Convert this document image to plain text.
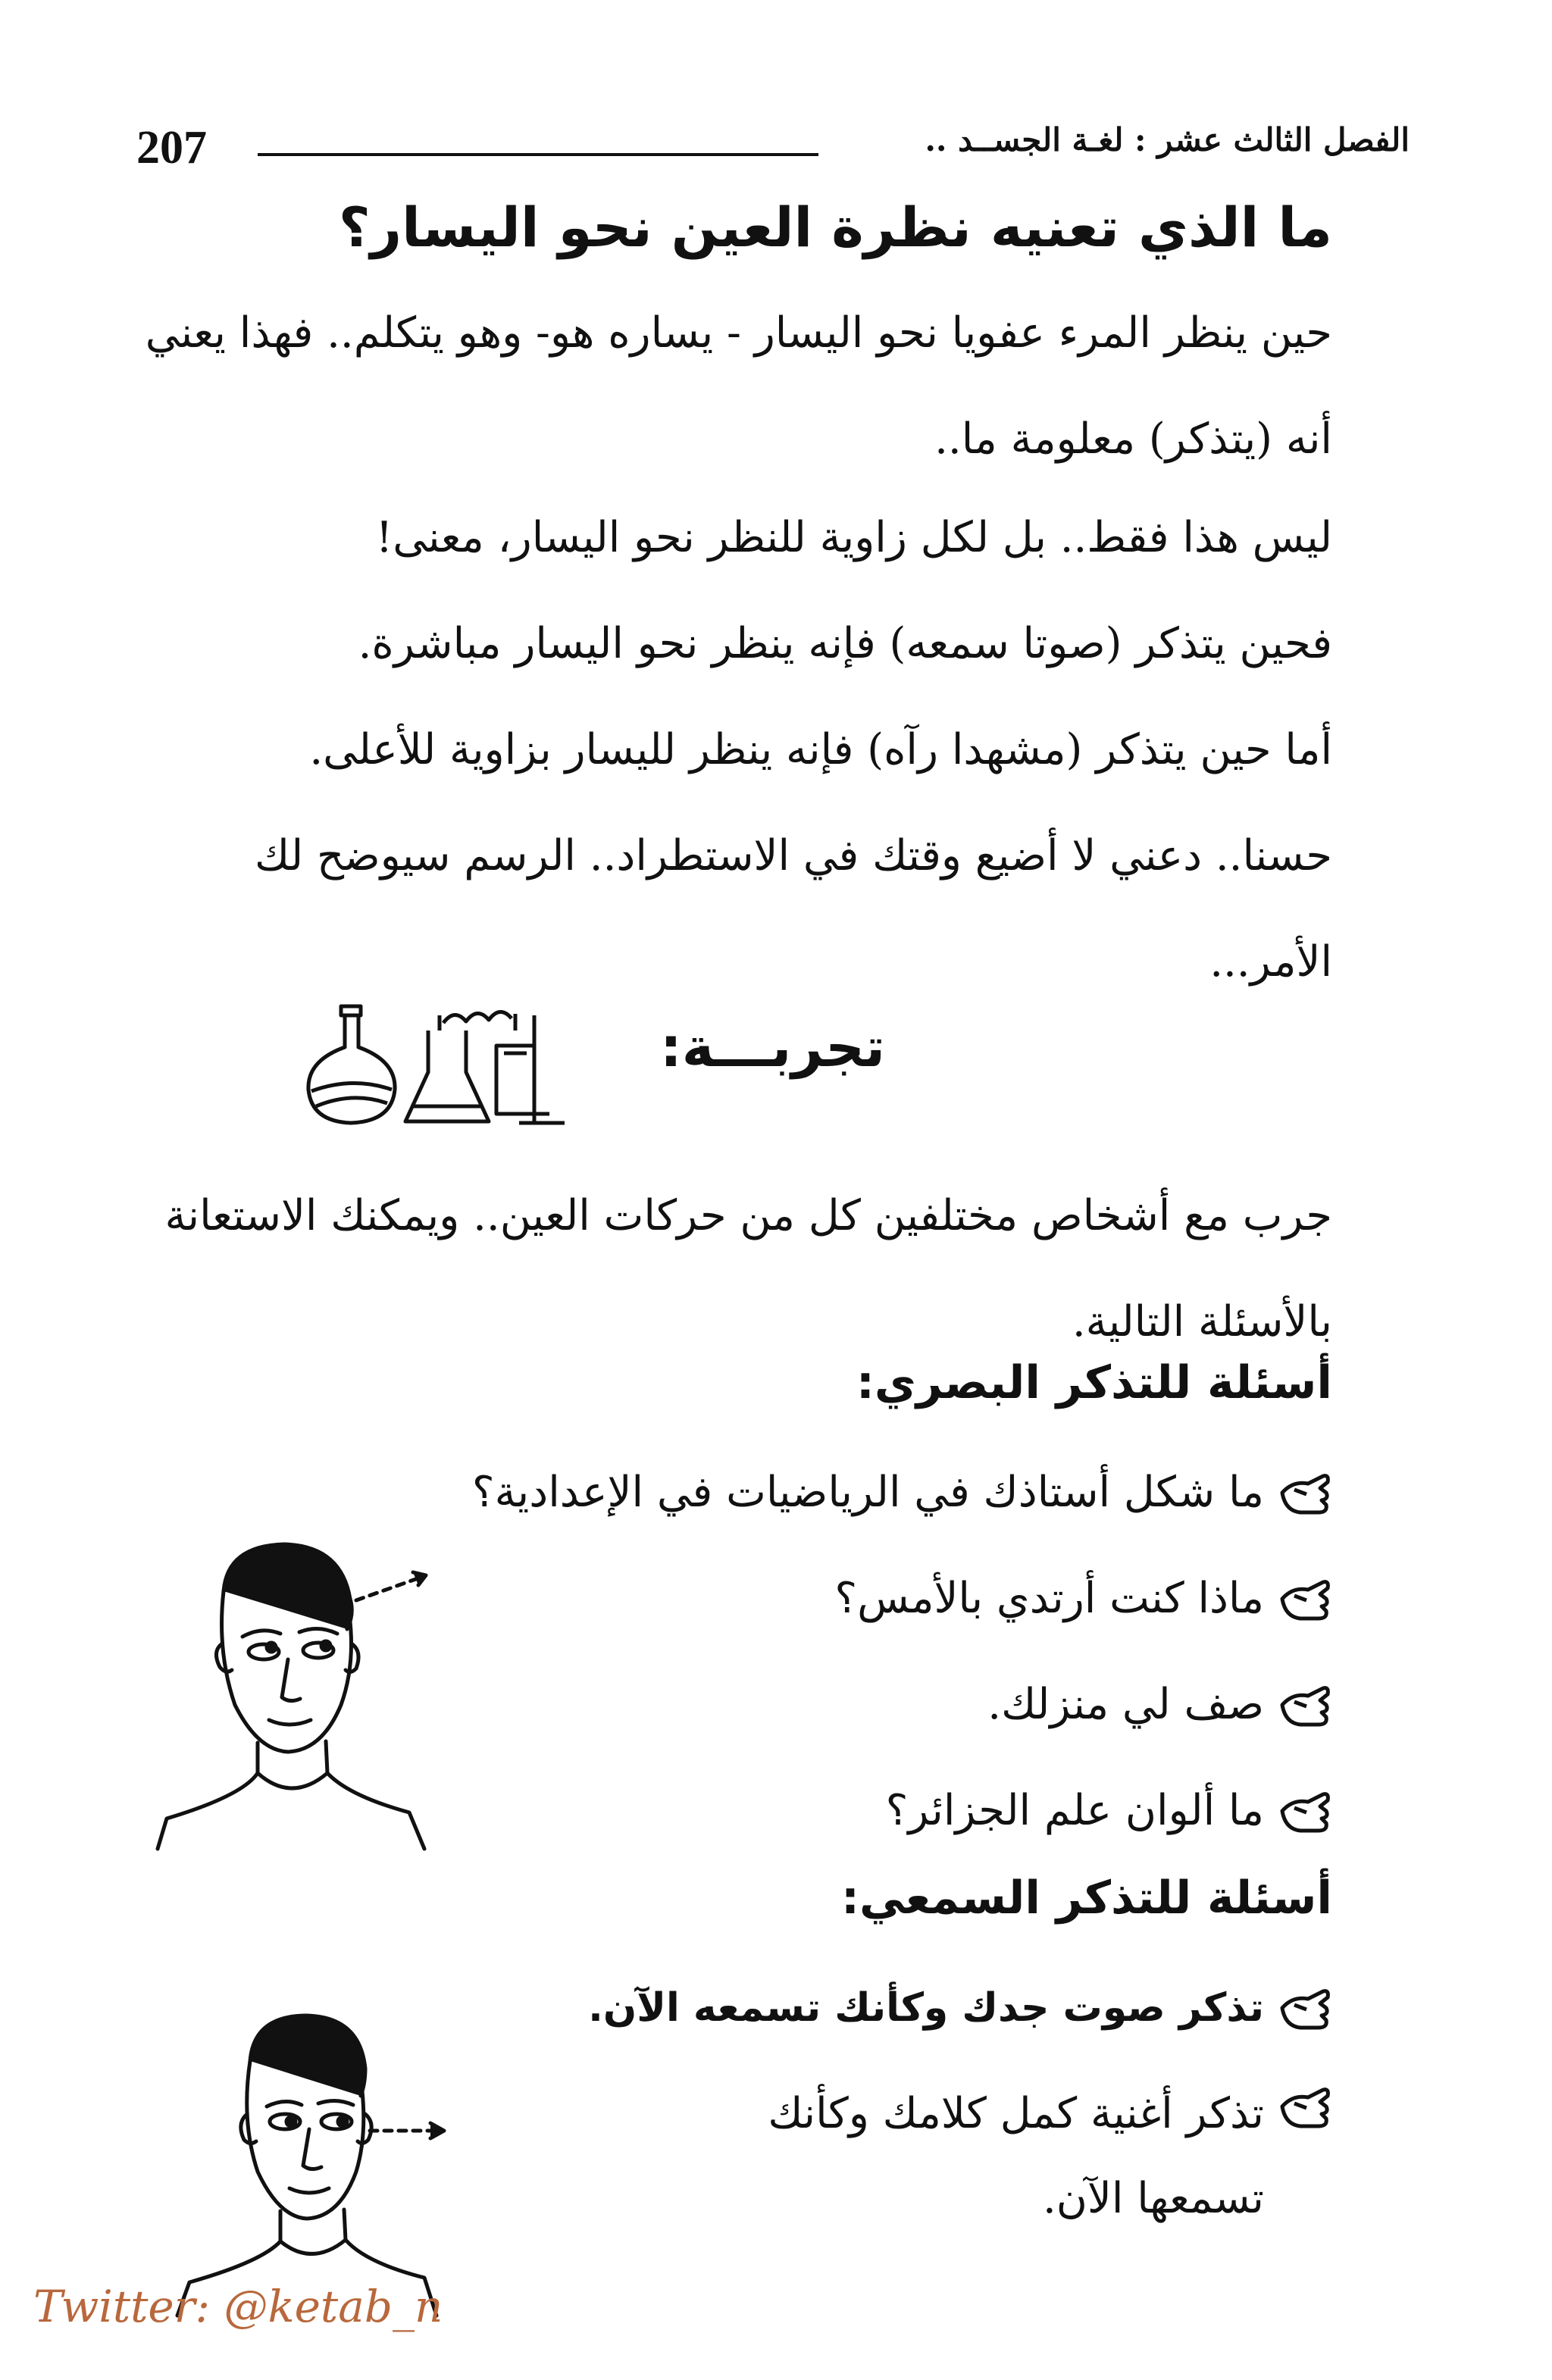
207	الفصل الثالث عشر : لغـة الجســد ..
ما الذي تعنيه نظرة العين نحو اليسار؟

حين ينظر المرء عفويا نحو اليسار - يساره هو- وهو يتكلم.. فهذا يعني أنه (يتذكر) معلومة ما..

ليس هذا فقط.. بل لكل زاوية للنظر نحو اليسار، معنى!

فحين يتذكر (صوتا سمعه) فإنه ينظر نحو اليسار مباشرة.

أما حين يتذكر (مشهدا رآه) فإنه ينظر لليسار بزاوية للأعلى.

حسنا.. دعني لا أضيع وقتك في الاستطراد.. الرسم سيوضح لك الأمر...

تجربـــة:

جرب مع أشخاص مختلفين كل من حركات العين.. ويمكنك الاستعانة بالأسئلة التالية.

أسئلة للتذكر البصري:
ما شكل أستاذك في الرياضيات في الإعدادية؟
ماذا كنت أرتدي بالأمس؟
صف لي منزلك.
ما ألوان علم الجزائر؟
أسئلة للتذكر السمعي:
تذكر صوت جدك وكأنك تسمعه الآن.
تذكر أغنية كمل كلامك وكأنك تسمعها الآن.
Twitter: @ketab_n
